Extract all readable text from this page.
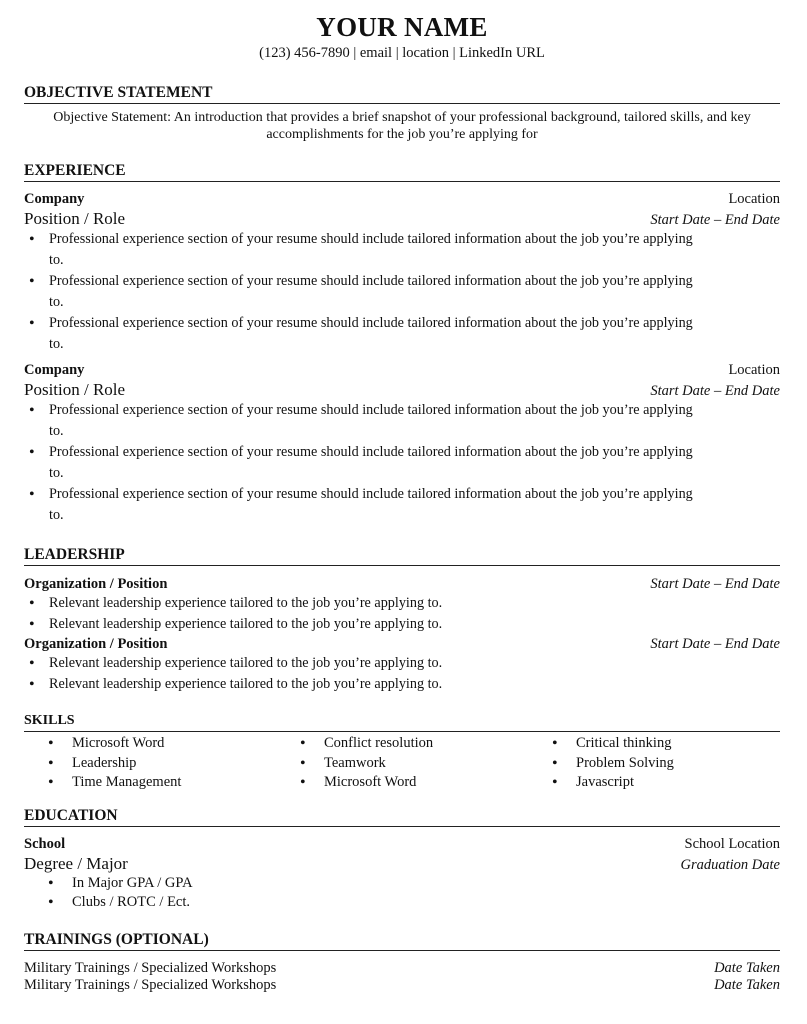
YOUR NAME
(123) 456-7890 | email | location | LinkedIn URL
OBJECTIVE STATEMENT
Objective Statement: An introduction that provides a brief snapshot of your professional background, tailored skills, and key
accomplishments for the job you’re applying for
EXPERIENCE
Company	Location
Position / Role	Start Date – End Date
• Professional experience section of your resume should include tailored information about the job you’re applying to.
• Professional experience section of your resume should include tailored information about the job you’re applying to.
• Professional experience section of your resume should include tailored information about the job you’re applying to.
Company	Location
Position / Role	Start Date – End Date
• Professional experience section of your resume should include tailored information about the job you’re applying to.
• Professional experience section of your resume should include tailored information about the job you’re applying to.
• Professional experience section of your resume should include tailored information about the job you’re applying to.
LEADERSHIP
Organization / Position	Start Date – End Date
• Relevant leadership experience tailored to the job you’re applying to.
• Relevant leadership experience tailored to the job you’re applying to.
Organization / Position	Start Date – End Date
• Relevant leadership experience tailored to the job you’re applying to.
• Relevant leadership experience tailored to the job you’re applying to.
SKILLS
• Microsoft Word
• Leadership
• Time Management
• Conflict resolution
• Teamwork
• Microsoft Word
• Critical thinking
• Problem Solving
• Javascript
EDUCATION
School	School Location
Degree / Major	Graduation Date
• In Major GPA / GPA
• Clubs / ROTC / Ect.
TRAININGS (OPTIONAL)
Military Trainings / Specialized Workshops	Date Taken
Military Trainings / Specialized Workshops	Date Taken
